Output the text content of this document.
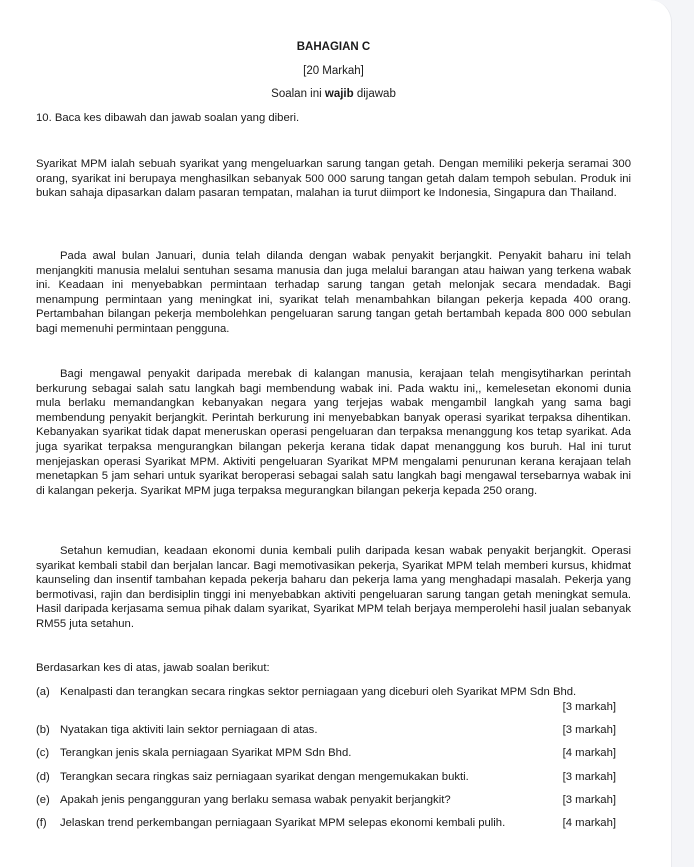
BAHAGIAN C
[20 Markah]
Soalan ini wajib dijawab
10. Baca kes dibawah dan jawab soalan yang diberi.
Syarikat MPM ialah sebuah syarikat yang mengeluarkan sarung tangan getah. Dengan memiliki pekerja seramai 300 orang, syarikat ini berupaya menghasilkan sebanyak 500 000 sarung tangan getah dalam tempoh sebulan. Produk ini bukan sahaja dipasarkan dalam pasaran tempatan, malahan ia turut diimport ke Indonesia, Singapura dan Thailand.
Pada awal bulan Januari, dunia telah dilanda dengan wabak penyakit berjangkit. Penyakit baharu ini telah menjangkiti manusia melalui sentuhan sesama manusia dan juga melalui barangan atau haiwan yang terkena wabak ini. Keadaan ini menyebabkan permintaan terhadap sarung tangan getah melonjak secara mendadak. Bagi menampung permintaan yang meningkat ini, syarikat telah menambahkan bilangan pekerja kepada 400 orang. Pertambahan bilangan pekerja membolehkan pengeluaran sarung tangan getah bertambah kepada 800 000 sebulan bagi memenuhi permintaan pengguna.
Bagi mengawal penyakit daripada merebak di kalangan manusia, kerajaan telah mengisytiharkan perintah berkurung sebagai salah satu langkah bagi membendung wabak ini. Pada waktu ini,, kemelesetan ekonomi dunia mula berlaku memandangkan kebanyakan negara yang terjejas wabak mengambil langkah yang sama bagi membendung penyakit berjangkit. Perintah berkurung ini menyebabkan banyak operasi syarikat terpaksa dihentikan. Kebanyakan syarikat tidak dapat meneruskan operasi pengeluaran dan terpaksa menanggung kos tetap syarikat. Ada juga syarikat terpaksa mengurangkan bilangan pekerja kerana tidak dapat menanggung kos buruh. Hal ini turut menjejaskan operasi Syarikat MPM. Aktiviti pengeluaran Syarikat MPM mengalami penurunan kerana kerajaan telah menetapkan 5 jam sehari untuk syarikat beroperasi sebagai salah satu langkah bagi mengawal tersebarnya wabak ini di kalangan pekerja. Syarikat MPM juga terpaksa megurangkan bilangan pekerja kepada 250 orang.
Setahun kemudian, keadaan ekonomi dunia kembali pulih daripada kesan wabak penyakit berjangkit. Operasi syarikat kembali stabil dan berjalan lancar. Bagi memotivasikan pekerja, Syarikat MPM telah memberi kursus, khidmat kaunseling dan insentif tambahan kepada pekerja baharu dan pekerja lama yang menghadapi masalah. Pekerja yang bermotivasi, rajin dan berdisiplin tinggi ini menyebabkan aktiviti pengeluaran sarung tangan getah meningkat semula. Hasil daripada kerjasama semua pihak dalam syarikat, Syarikat MPM telah berjaya memperolehi hasil jualan sebanyak RM55 juta setahun.
Berdasarkan kes di atas, jawab soalan berikut:
(a) Kenalpasti dan terangkan secara ringkas sektor perniagaan yang diceburi oleh Syarikat MPM Sdn Bhd.
[3 markah]
(b) Nyatakan tiga aktiviti lain sektor perniagaan di atas.	[3 markah]
(c) Terangkan jenis skala perniagaan Syarikat MPM Sdn Bhd.	[4 markah]
(d) Terangkan secara ringkas saiz perniagaan syarikat dengan mengemukakan bukti.	[3 markah]
(e) Apakah jenis pengangguran yang berlaku semasa wabak penyakit berjangkit?	[3 markah]
(f) Jelaskan trend perkembangan perniagaan Syarikat MPM selepas ekonomi kembali pulih.	[4 markah]
